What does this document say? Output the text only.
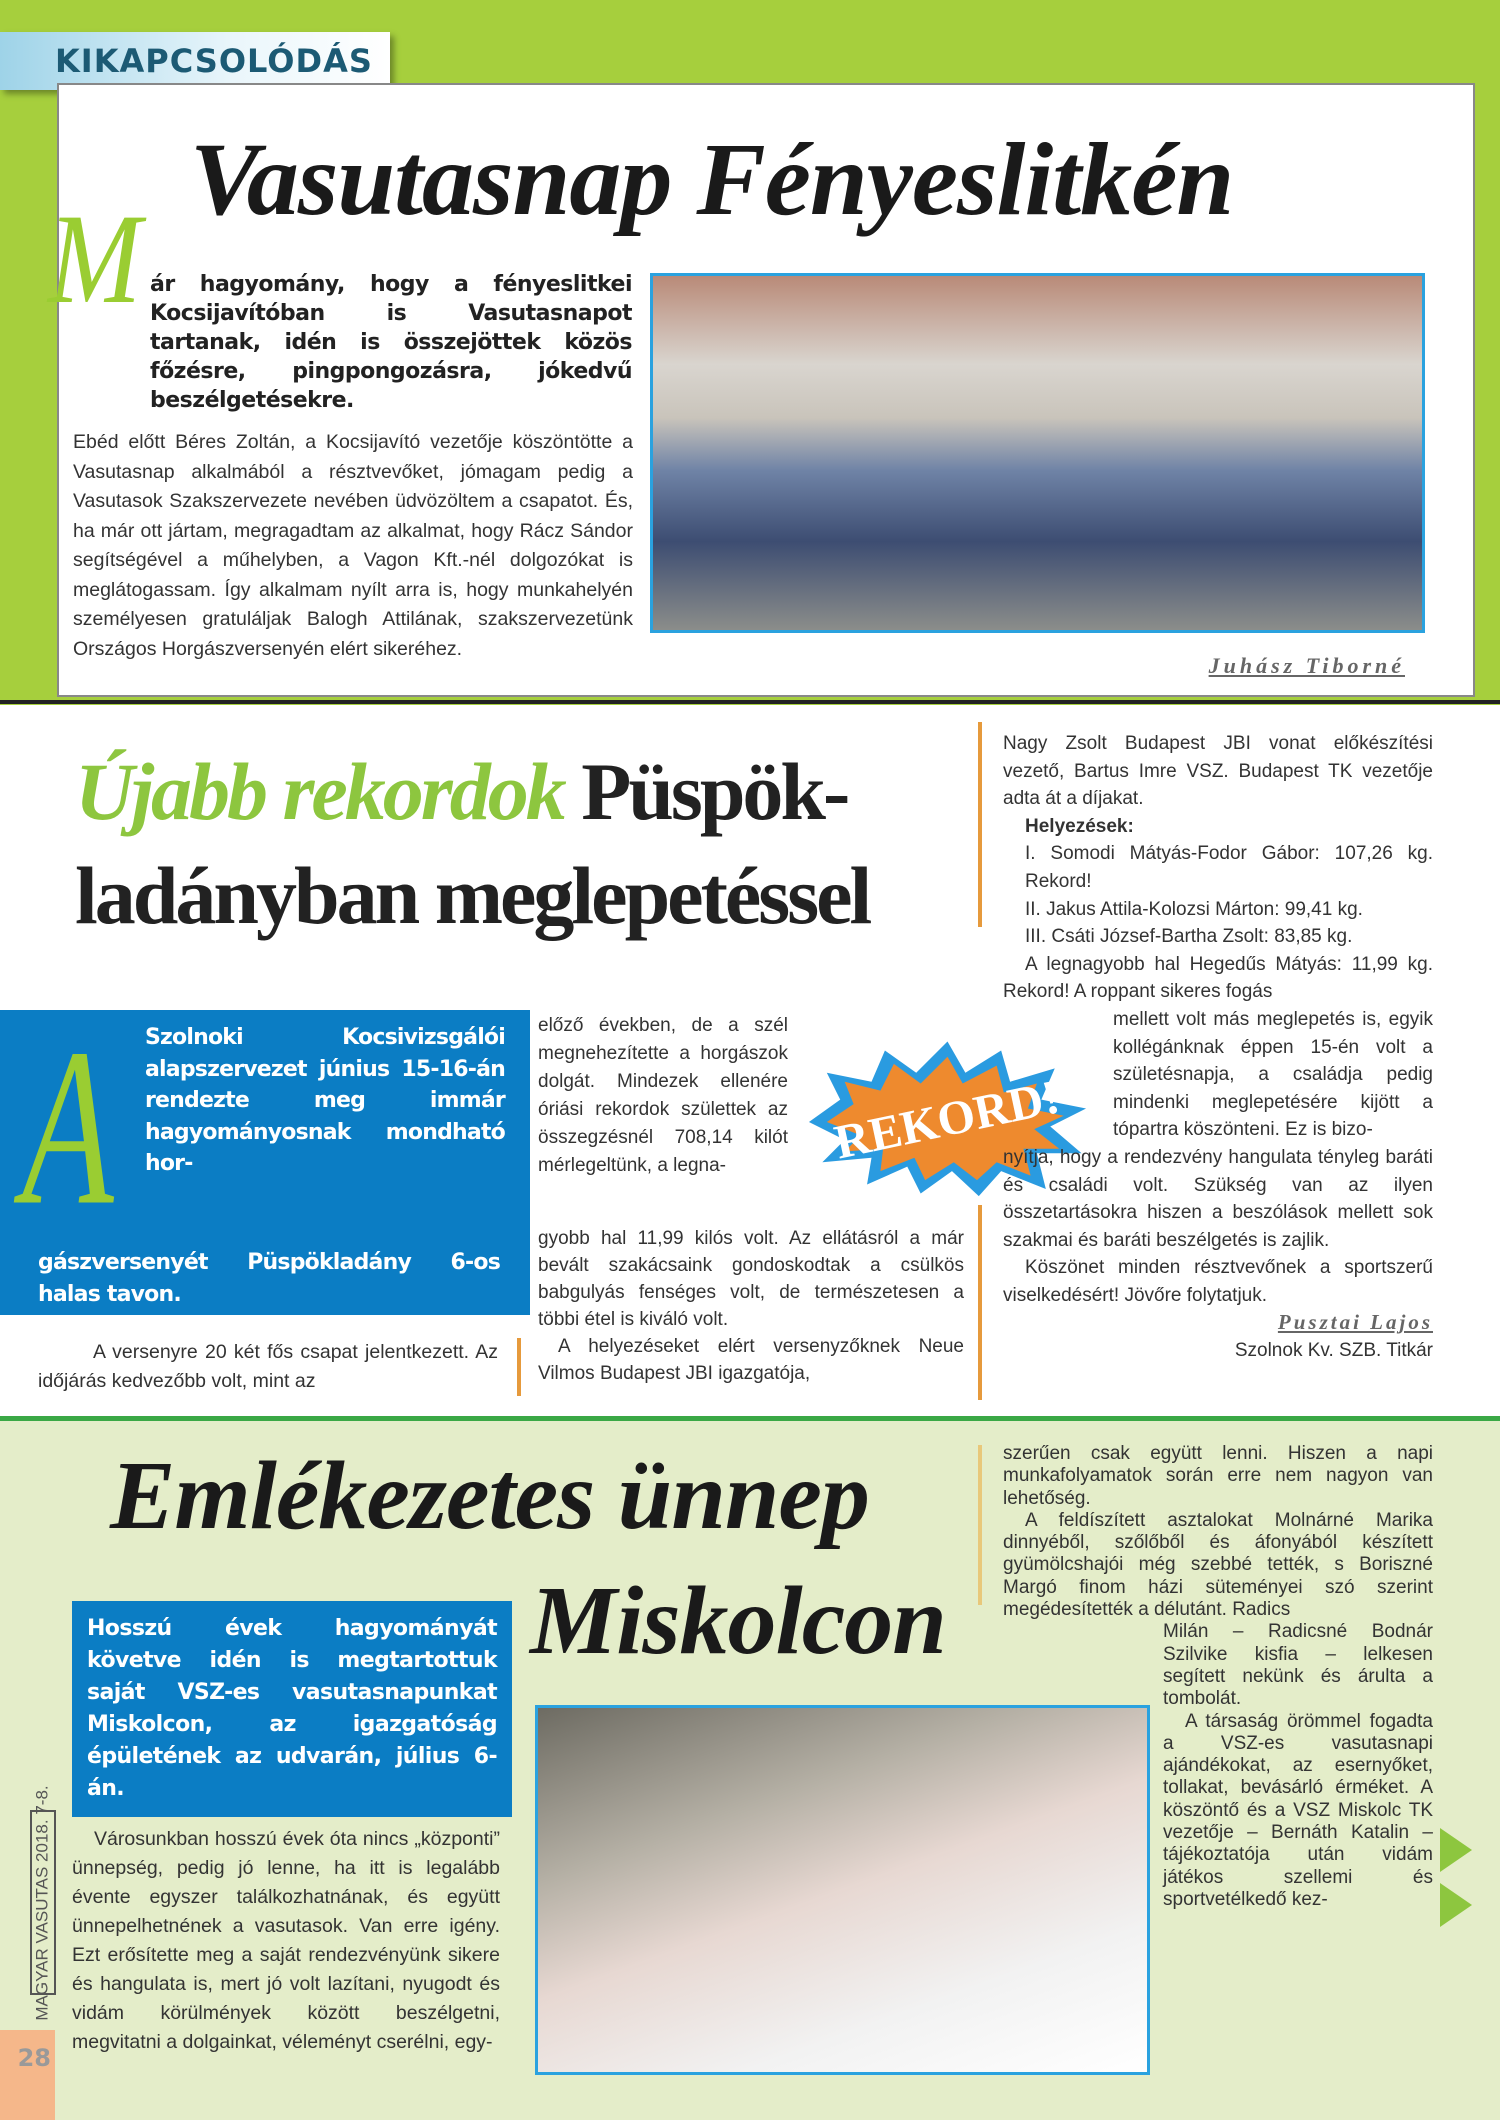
KIKAPCSOLÓDÁS
Vasutasnap Fényeslitkén
M ár hagyomány, hogy a fényeslitkei Kocsijavítóban is Vasutasnapot tartanak, idén is összejöttek közös főzésre, pingpongozásra, jókedvű beszélgetésekre.
Ebéd előtt Béres Zoltán, a Kocsijavító vezetője köszöntötte a Vasutasnap alkalmából a résztvevőket, jómagam pedig a Vasutasok Szakszervezete nevében üdvözöltem a csapatot. És, ha már ott jártam, megragadtam az alkalmat, hogy Rácz Sándor segítségével a műhelyben, a Vagon Kft.-nél dolgozókat is meglátogassam. Így alkalmam nyílt arra is, hogy munkahelyén személyesen gratuláljak Balogh Attilának, szakszervezetünk Országos Horgászversenyén elért sikeréhez.
Juhász Tiborné
Újabb rekordok Püspök-
ladányban meglepetéssel
A	Szolnoki Kocsivizsgálói alapszervezet június 15-16-án rendezte meg immár hagyományosnak mondható hor-
gászversenyét Püspökladány 6-os halas tavon.
A versenyre 20 két fős csapat jelentkezett. Az időjárás kedvezőbb volt, mint az
előző években, de a szél megnehezítette a horgászok dolgát. Mindezek ellenére óriási rekordok születtek az összegzésnél 708,14 kilót mérlegeltünk, a legna-

gyobb hal 11,99 kilós volt. Az ellátásról a már bevált szakácsaink gondoskodtak a csülkös babgulyás fenséges volt, de természetesen a többi étel is kiváló volt.

A helyezéseket elért versenyzőknek Neue Vilmos Budapest JBI igazgatója,

REKORD!

Nagy Zsolt Budapest JBI vonat előkészítési vezető, Bartus Imre VSZ. Budapest TK vezetője adta át a díjakat.

Helyezések:

I. Somodi Mátyás-Fodor Gábor: 107,26 kg. Rekord!

II. Jakus Attila-Kolozsi Márton: 99,41 kg.

III. Csáti József-Bartha Zsolt: 83,85 kg.

A legnagyobb hal Hegedűs Mátyás: 11,99 kg. Rekord! A roppant sikeres fogás

mellett volt más meglepetés is, egyik kollégánknak éppen 15-én volt a születésnapja, a családja pedig mindenki meglepetésére kijött a tópartra köszönteni. Ez is bizo-

nyítja, hogy a rendezvény hangulata tényleg baráti és családi volt. Szükség van az ilyen összetartásokra hiszen a beszólások mellett sok szakmai és baráti beszélgetés is zajlik.

Köszönet minden résztvevőnek a sportszerű viselkedésért! Jövőre folytatjuk.

Pusztai Lajos

Szolnok Kv. SZB. Titkár

Emlékezetes ünnep
Miskolcon
Hosszú évek hagyományát követve idén is megtartottuk saját VSZ-es vasutasnapunkat Miskolcon, az igazgatóság épületének az udvarán, július 6-án.
Városunkban hosszú évek óta nincs „központi” ünnepség, pedig jó lenne, ha itt is legalább évente egyszer találkozhatnának, és együtt ünnepelhetnének a vasutasok. Van erre igény. Ezt erősítette meg a saját rendezvényünk sikere és hangulata is, mert jó volt lazítani, nyugodt és vidám körülmények között beszélgetni, megvitatni a dolgainkat, véleményt cserélni, egy-

szerűen csak együtt lenni. Hiszen a napi munkafolyamatok során erre nem nagyon van lehetőség.

A feldíszített asztalokat Molnárné Marika dinnyéből, szőlőből és áfonyából készített gyümölcshajói még szebbé tették, s Boriszné Margó finom házi süteményei szó szerint megédesítették a délutánt. Radics

Milán – Radicsné Bodnár Szilvike kisfia – lelkesen segített nekünk és árulta a tombolát.

A társaság örömmel fogadta a VSZ-es vasutasnapi ajándékokat, az esernyőket, tollakat, bevásárló érméket. A köszöntő és a VSZ Miskolc TK vezetője – Bernáth Katalin – tájékoztatója után vidám játékos szellemi és sportvetélkedő kez-

MAGYAR VASUTAS 2018. 7-8.
28
